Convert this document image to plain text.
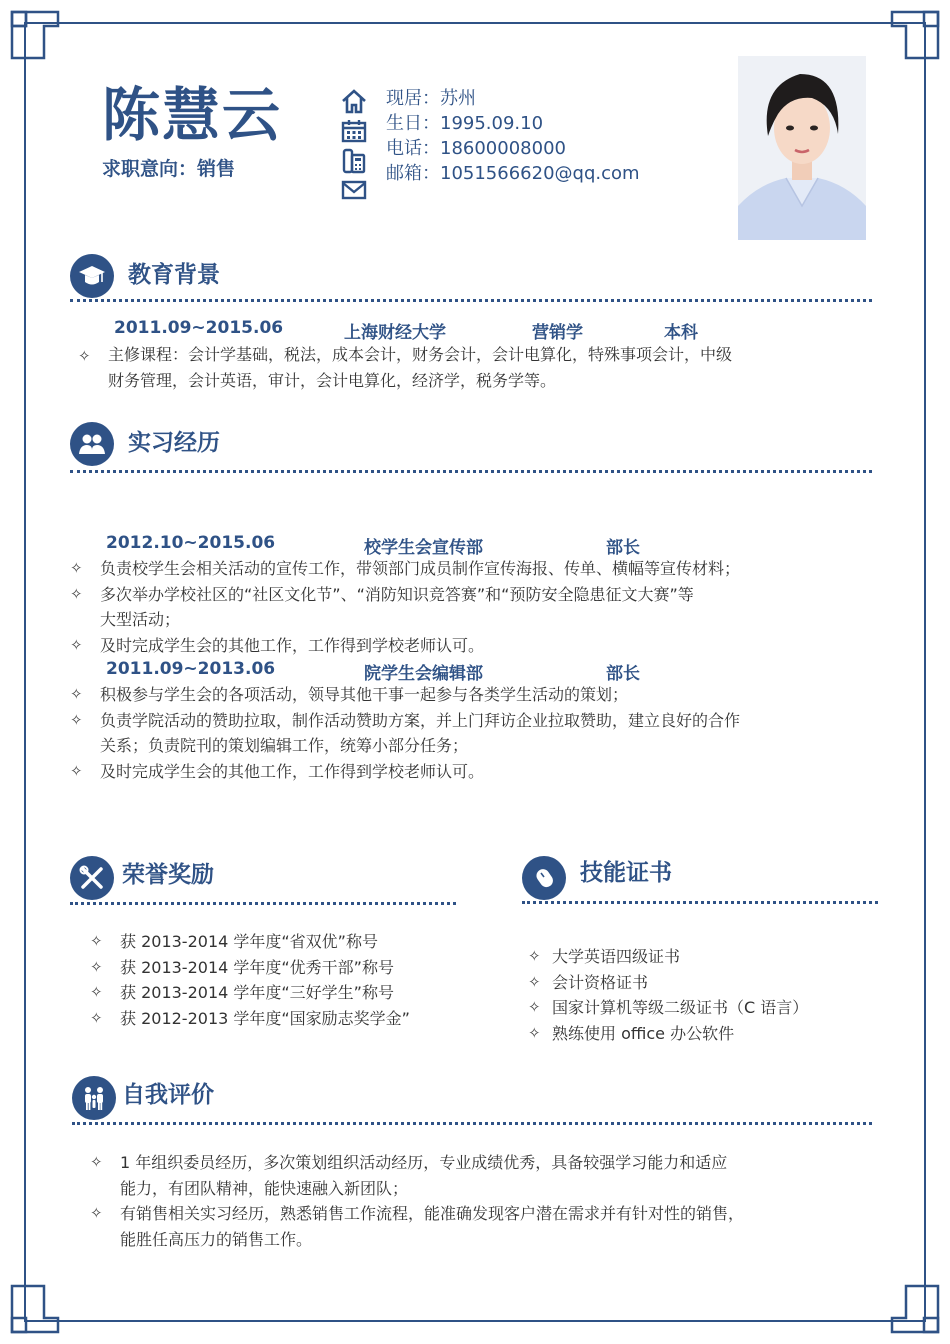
陈慧云
求职意向：销售
现居：苏州
生日：1995.09.10
电话：18600008000
邮箱：1051566620@qq.com
教育背景
2011.09~2015.06	上海财经大学	营销学	本科
✧ 主修课程：会计学基础，税法，成本会计，财务会计，会计电算化，特殊事项会计，中级
财务管理，会计英语，审计，会计电算化，经济学，税务学等。
实习经历
2012.10~2015.06	校学生会宣传部	部长
✧ 负责校学生会相关活动的宣传工作，带领部门成员制作宣传海报、传单、横幅等宣传材料；
✧ 多次举办学校社区的“社区文化节”、“消防知识竞答赛”和“预防安全隐患征文大赛”等
大型活动；
✧ 及时完成学生会的其他工作，工作得到学校老师认可。
2011.09~2013.06	院学生会编辑部	部长
✧ 积极参与学生会的各项活动，领导其他干事一起参与各类学生活动的策划；
✧ 负责学院活动的赞助拉取，制作活动赞助方案，并上门拜访企业拉取赞助，建立良好的合作
关系；负责院刊的策划编辑工作，统筹小部分任务；
✧ 及时完成学生会的其他工作，工作得到学校老师认可。
荣誉奖励
✧ 获 2013-2014 学年度“省双优”称号
✧ 获 2013-2014 学年度“优秀干部”称号
✧ 获 2013-2014 学年度“三好学生”称号
✧ 获 2012-2013 学年度“国家励志奖学金”
技能证书
✧ 大学英语四级证书
✧ 会计资格证书
✧ 国家计算机等级二级证书（C 语言）
✧ 熟练使用 office 办公软件
自我评价
✧ 1 年组织委员经历，多次策划组织活动经历，专业成绩优秀，具备较强学习能力和适应
能力，有团队精神，能快速融入新团队；
✧ 有销售相关实习经历，熟悉销售工作流程，能准确发现客户潜在需求并有针对性的销售，
能胜任高压力的销售工作。
